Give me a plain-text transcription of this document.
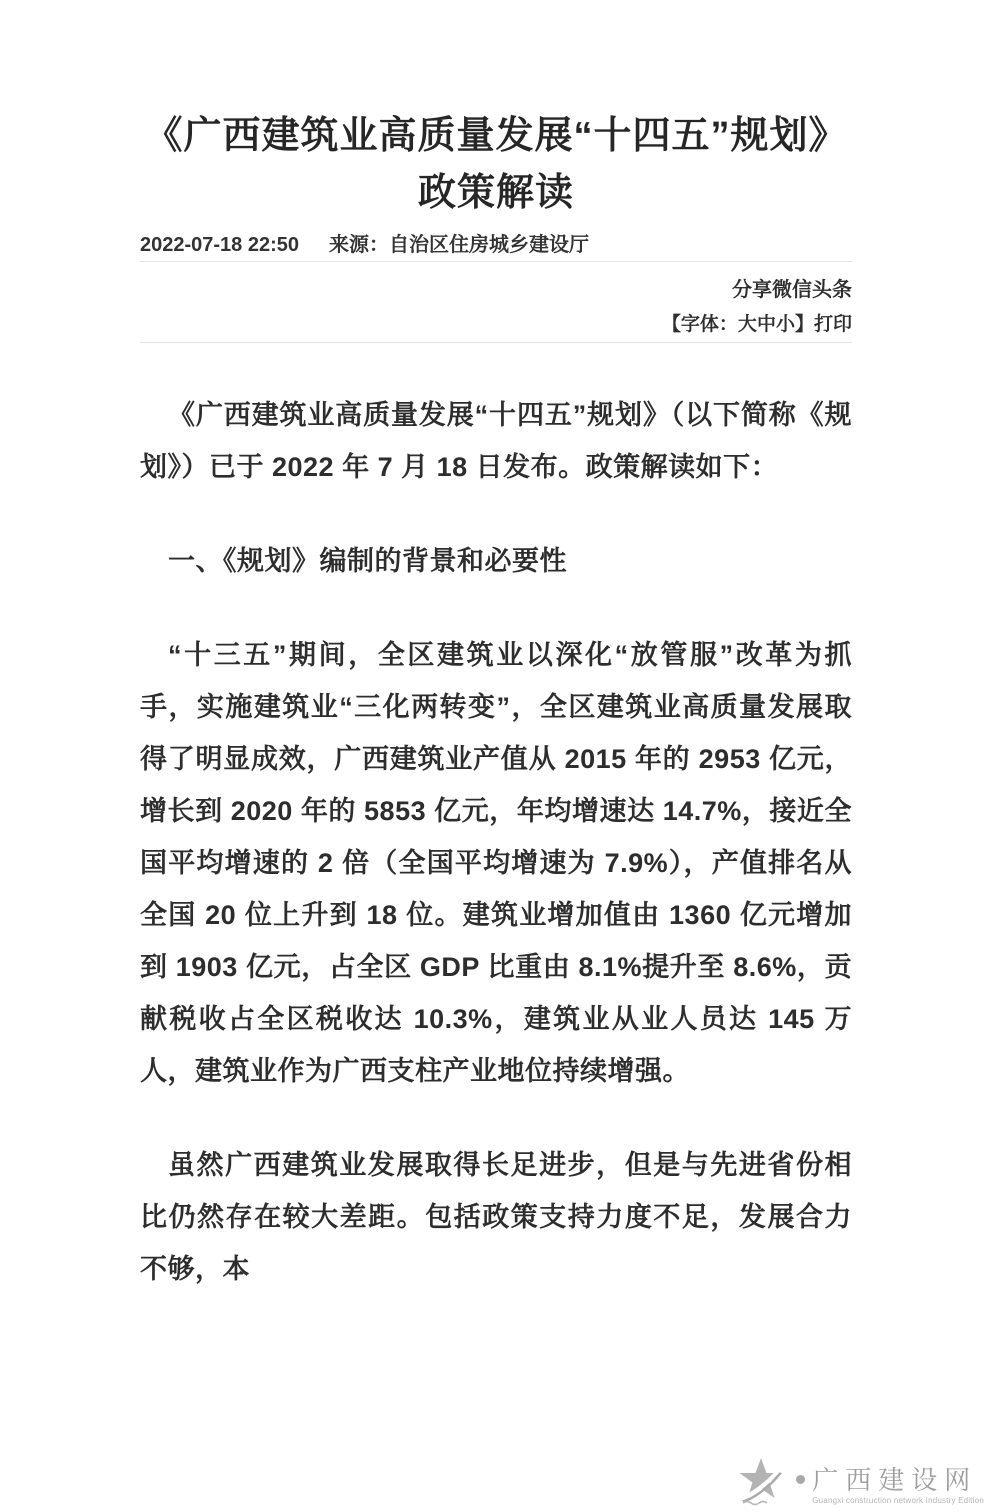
《广西建筑业高质量发展“十四五”规划》
政策解读
2022-07-18 22:50 来源：自治区住房城乡建设厅
分享微信头条
【字体：大中小】打印

《广西建筑业高质量发展“十四五”规划》（以下简称《规划》）已于 2022 年 7 月 18 日发布。政策解读如下：

一、《规划》编制的背景和必要性

“十三五”期间，全区建筑业以深化“放管服”改革为抓手，实施建筑业“三化两转变”，全区建筑业高质量发展取得了明显成效，广西建筑业产值从 2015 年的 2953 亿元，增长到 2020 年的 5853 亿元，年均增速达 14.7%，接近全国平均增速的 2 倍（全国平均增速为 7.9%），产值排名从全国 20 位上升到 18 位。建筑业增加值由 1360 亿元增加到 1903 亿元，占全区 GDP 比重由 8.1%提升至 8.6%，贡献税收占全区税收达 10.3%，建筑业从业人员达 145 万人，建筑业作为广西支柱产业地位持续增强。

虽然广西建筑业发展取得长足进步，但是与先进省份相比仍然存在较大差距。包括政策支持力度不足，发展合力不够，本

广西建设网
Guangxi construction network Industry Edition
